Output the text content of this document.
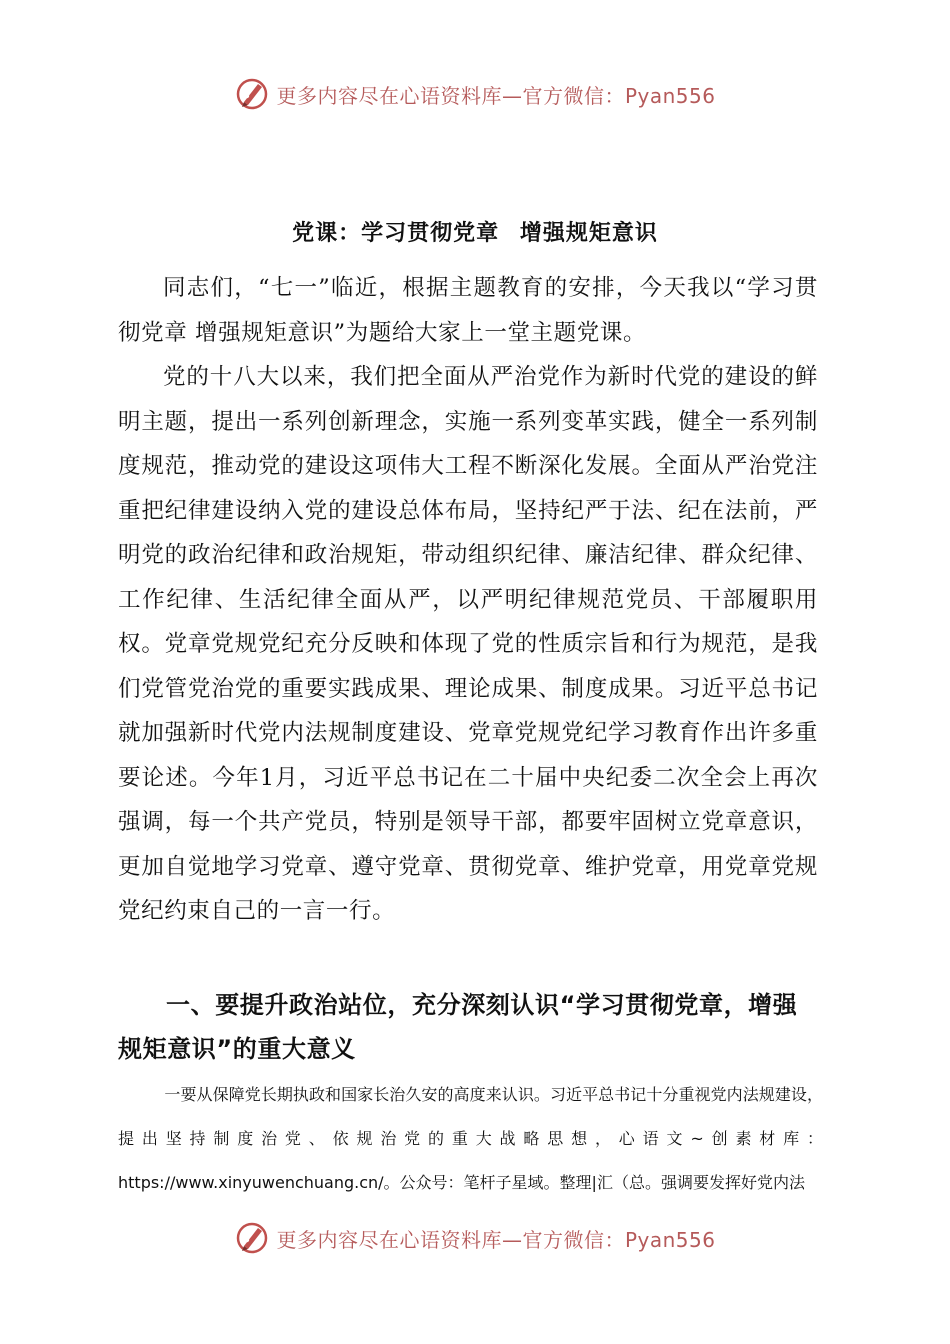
更多内容尽在心语资料库—官方微信：Pyan556
党课：学习贯彻党章 增强规矩意识

同志们，“七一”临近，根据主题教育的安排，今天我以“学习贯彻党章 增强规矩意识”为题给大家上一堂主题党课。

党的十八大以来，我们把全面从严治党作为新时代党的建设的鲜明主题，提出一系列创新理念，实施一系列变革实践，健全一系列制度规范，推动党的建设这项伟大工程不断深化发展。全面从严治党注重把纪律建设纳入党的建设总体布局，坚持纪严于法、纪在法前，严明党的政治纪律和政治规矩，带动组织纪律、廉洁纪律、群众纪律、工作纪律、生活纪律全面从严，以严明纪律规范党员、干部履职用权。党章党规党纪充分反映和体现了党的性质宗旨和行为规范，是我们党管党治党的重要实践成果、理论成果、制度成果。习近平总书记就加强新时代党内法规制度建设、党章党规党纪学习教育作出许多重要论述。今年1月，习近平总书记在二十届中央纪委二次全会上再次强调，每一个共产党员，特别是领导干部，都要牢固树立党章意识，更加自觉地学习党章、遵守党章、贯彻党章、维护党章，用党章党规党纪约束自己的一言一行。

一、要提升政治站位，充分深刻认识“学习贯彻党章，增强规矩意识”的重大意义

一要从保障党长期执政和国家长治久安的高度来认识。习近平总书记十分重视党内法规建设，提出坚持制度治党、依规治党的重大战略思想，心语文~创素材库：https://www.xinyuwenchuang.cn/。公众号：笔杆子星域。整理|汇（总。强调要发挥好党内法

更多内容尽在心语资料库—官方微信：Pyan556
